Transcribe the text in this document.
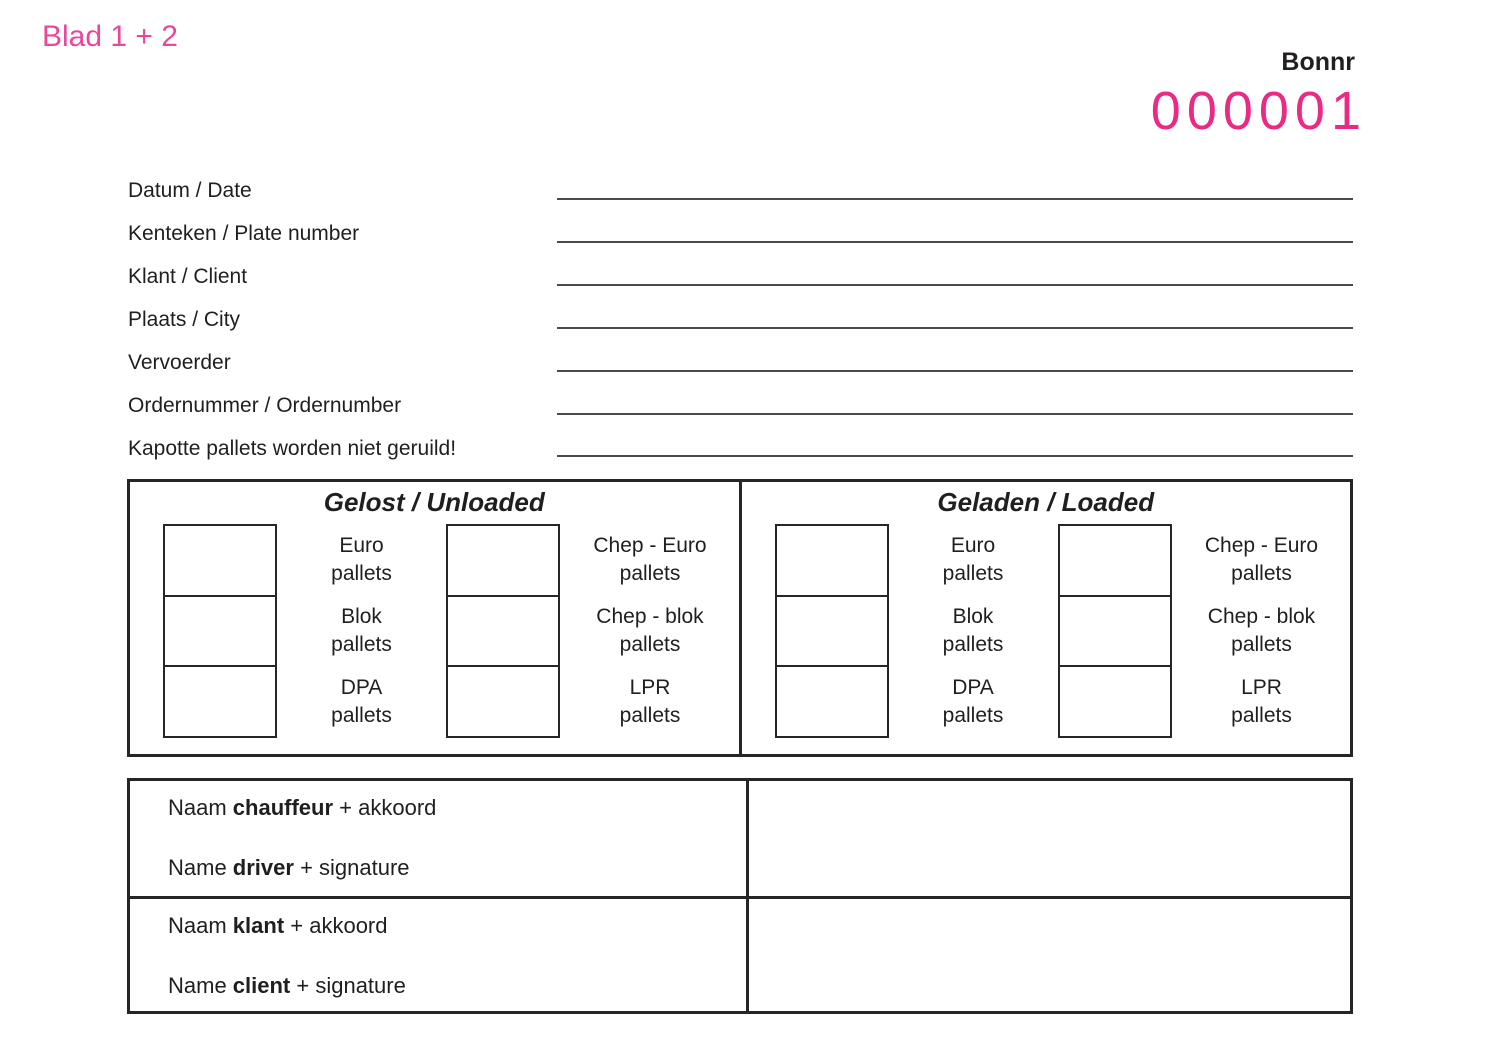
Blad 1 + 2
Bonnr
000001
Datum / Date
Kenteken / Plate number
Klant / Client
Plaats / City
Vervoerder
Ordernummer / Ordernumber
Kapotte pallets worden niet geruild!
Gelost / Unloaded
Euro
pallets
Blok
pallets
DPA
pallets
Chep - Euro
pallets
Chep - blok
pallets
LPR
pallets
Geladen / Loaded
Euro
pallets
Blok
pallets
DPA
pallets
Chep - Euro
pallets
Chep - blok
pallets
LPR
pallets
Naam chauffeur + akkoord
Name driver + signature
Naam klant + akkoord
Name client + signature
